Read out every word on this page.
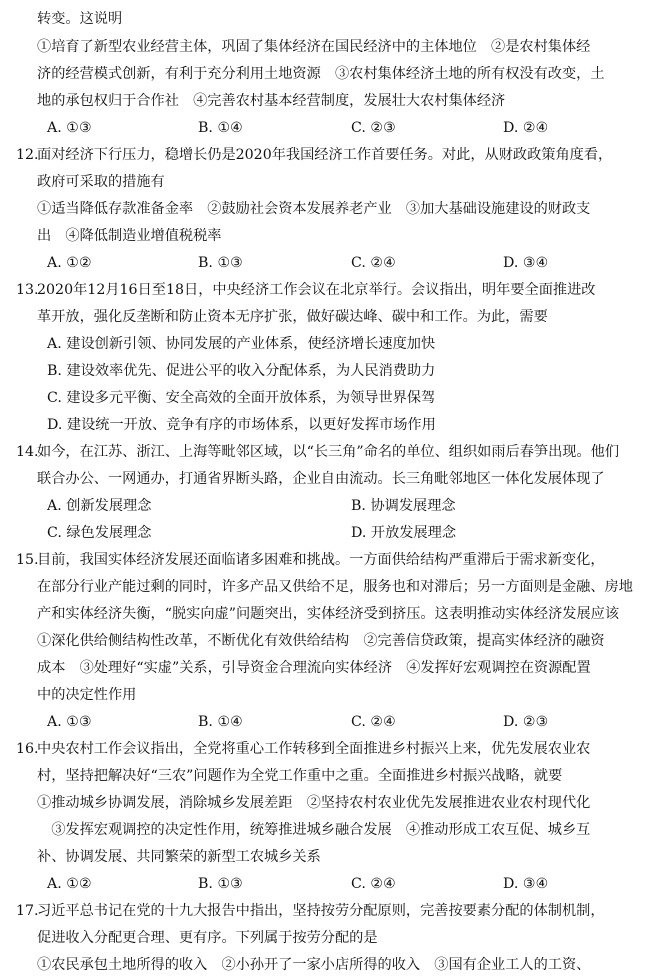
转变。这说明
①培育了新型农业经营主体，巩固了集体经济在国民经济中的主体地位　②是农村集体经
济的经营模式创新，有利于充分利用土地资源　③农村集体经济土地的所有权没有改变，土
地的承包权归于合作社　④完善农村基本经营制度，发展壮大农村集体经济
A. ①③	B. ①④	C. ②③	D. ②④
12.
面对经济下行压力，稳增长仍是2020年我国经济工作首要任务。对此，从财政政策角度看，
政府可采取的措施有
①适当降低存款准备金率　②鼓励社会资本发展养老产业　③加大基础设施建设的财政支
出　④降低制造业增值税税率
A. ①②	B. ①③	C. ②④	D. ③④
13.
2020年12月16日至18日，中央经济工作会议在北京举行。会议指出，明年要全面推进改
革开放，强化反垄断和防止资本无序扩张，做好碳达峰、碳中和工作。为此，需要
A. 建设创新引领、协同发展的产业体系，使经济增长速度加快
B. 建设效率优先、促进公平的收入分配体系，为人民消费助力
C. 建设多元平衡、安全高效的全面开放体系，为领导世界保驾
D. 建设统一开放、竞争有序的市场体系，以更好发挥市场作用
14.
如今，在江苏、浙江、上海等毗邻区域，以“长三角”命名的单位、组织如雨后春笋出现。他们
联合办公、一网通办，打通省界断头路，企业自由流动。长三角毗邻地区一体化发展体现了
A. 创新发展理念	B. 协调发展理念
C. 绿色发展理念	D. 开放发展理念
15.
目前，我国实体经济发展还面临诸多困难和挑战。一方面供给结构严重滞后于需求新变化，
在部分行业产能过剩的同时，许多产品又供给不足，服务也和对滞后；另一方面则是金融、房地
产和实体经济失衡，“脱实向虚”问题突出，实体经济受到挤压。这表明推动实体经济发展应该
①深化供给侧结构性改革，不断优化有效供给结构　②完善信贷政策，提高实体经济的融资
成本　③处理好“实虚”关系，引导资金合理流向实体经济　④发挥好宏观调控在资源配置
中的决定性作用
A. ①③	B. ①④	C. ②④	D. ②③
16.
中央农村工作会议指出，全党将重心工作转移到全面推进乡村振兴上来，优先发展农业农
村，坚持把解决好“三农”问题作为全党工作重中之重。全面推进乡村振兴战略，就要
①推动城乡协调发展，消除城乡发展差距　②坚持农村农业优先发展推进农业农村现代化
　③发挥宏观调控的决定性作用，统筹推进城乡融合发展　④推动形成工农互促、城乡互
补、协调发展、共同繁荣的新型工农城乡关系
A. ①②	B. ①③	C. ②④	D. ③④
17.
习近平总书记在党的十九大报告中指出，坚持按劳分配原则，完善按要素分配的体制机制，
促进收入分配更合理、更有序。下列属于按劳分配的是
①农民承包土地所得的收入　②小孙开了一家小店所得的收入　③国有企业工人的工资、
